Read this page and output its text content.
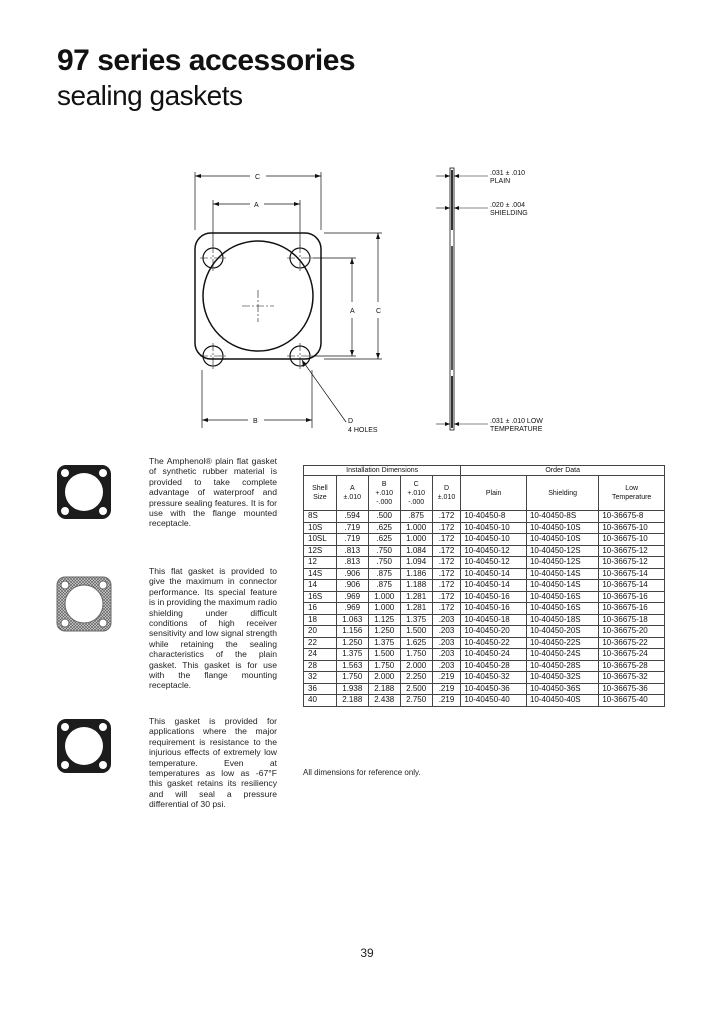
97 series accessories
sealing gaskets
C
A
B
A	C
D
4 HOLES
.031 ± .010
PLAIN
.020 ± .004
SHIELDING
.031 ± .010 LOW
TEMPERATURE

The Amphenol® plain flat gasket of synthetic rubber material is provided to take complete advantage of waterproof and pressure sealing features. It is for use with the flange mounted receptacle.

This flat gasket is provided to give the maximum in connector performance. Its special feature is in providing the maximum radio shielding under difficult conditions of high receiver sensitivity and low signal strength while retaining the sealing characteristics of the plain gasket. This gasket is for use with the flange mounting receptacle.

This gasket is provided for applications where the major requirement is resistance to the injurious effects of extremely low temperature. Even at temperatures as low as -67°F this gasket retains its resiliency and will seal a pressure differential of 30 psi.

Installation Dimensions					Order Data		
Shell
Size	A
±.010	B
+.010
-.000	C
+.010
-.000	D
±.010	Plain	Shielding	Low
Temperature
8S	.594	.500	.875	.172	10-40450-8	10-40450-8S	10-36675-8
10S	.719	.625	1.000	.172	10-40450-10	10-40450-10S	10-36675-10
10SL	.719	.625	1.000	.172	10-40450-10	10-40450-10S	10-36675-10
12S	.813	.750	1.084	.172	10-40450-12	10-40450-12S	10-36675-12
12	.813	.750	1.094	.172	10-40450-12	10-40450-12S	10-36675-12
14S	.906	.875	1.186	.172	10-40450-14	10-40450-14S	10-36675-14
14	.906	.875	1.188	.172	10-40450-14	10-40450-14S	10-36675-14
16S	.969	1.000	1.281	.172	10-40450-16	10-40450-16S	10-36675-16
16	.969	1.000	1.281	.172	10-40450-16	10-40450-16S	10-36675-16
18	1.063	1.125	1.375	.203	10-40450-18	10-40450-18S	10-36675-18
20	1.156	1.250	1.500	.203	10-40450-20	10-40450-20S	10-36675-20
22	1.250	1.375	1.625	.203	10-40450-22	10-40450-22S	10-36675-22
24	1.375	1.500	1.750	.203	10-40450-24	10-40450-24S	10-36675-24
28	1.563	1.750	2.000	.203	10-40450-28	10-40450-28S	10-36675-28
32	1.750	2.000	2.250	.219	10-40450-32	10-40450-32S	10-36675-32
36	1.938	2.188	2.500	.219	10-40450-36	10-40450-36S	10-36675-36
40	2.188	2.438	2.750	.219	10-40450-40	10-40450-40S	10-36675-40
All dimensions for reference only.
39
